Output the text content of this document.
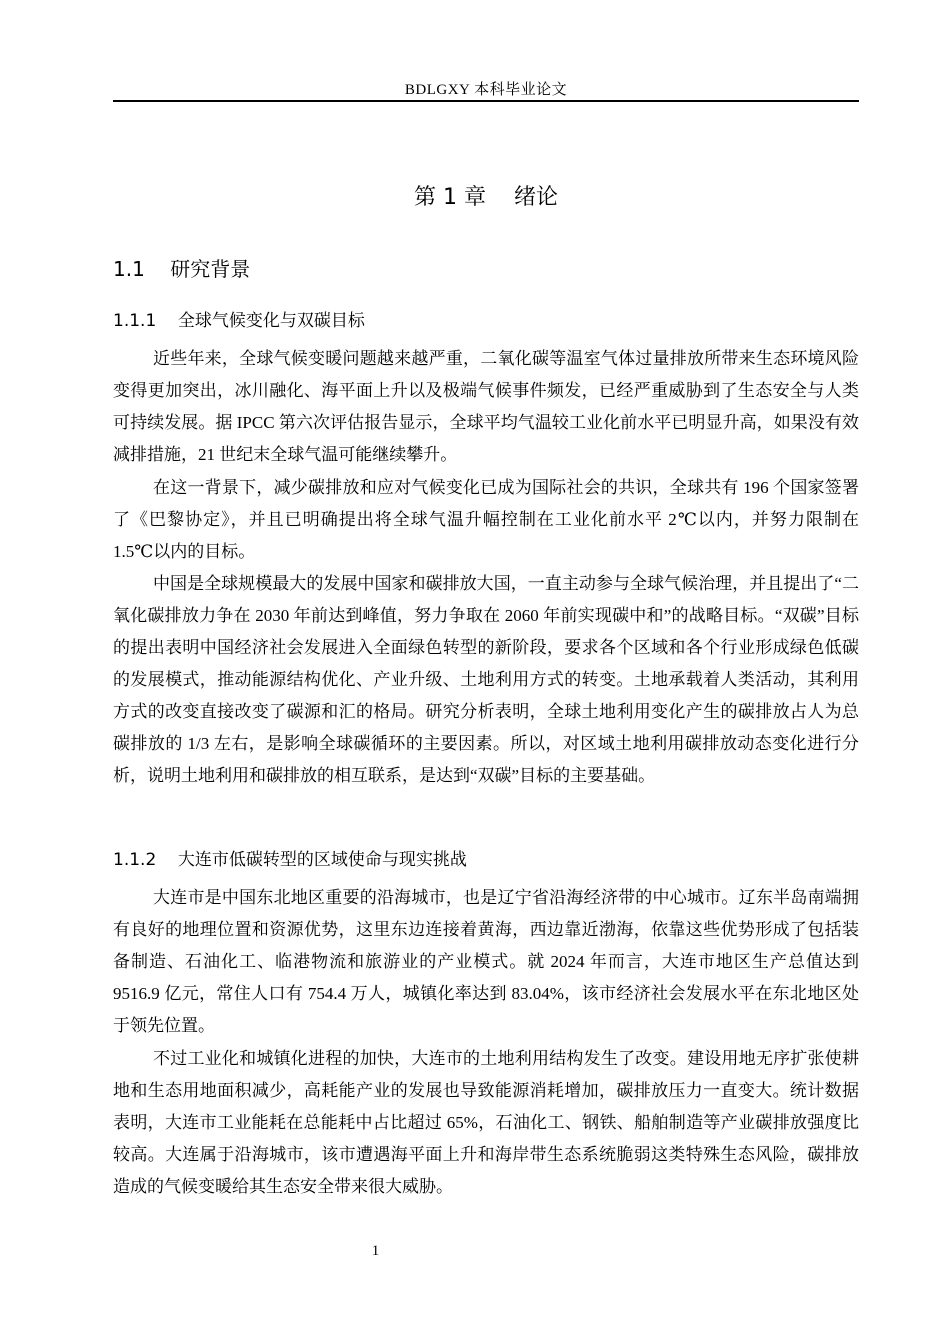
BDLGXY 本科毕业论文
第 1 章    绪论
1.1    研究背景
1.1.1    全球气候变化与双碳目标

近些年来，全球气候变暖问题越来越严重，二氧化碳等温室气体过量排放所带来生态环境风险变得更加突出，冰川融化、海平面上升以及极端气候事件频发，已经严重威胁到了生态安全与人类可持续发展。据 IPCC 第六次评估报告显示，全球平均气温较工业化前水平已明显升高，如果没有效减排措施，21 世纪末全球气温可能继续攀升。

在这一背景下，减少碳排放和应对气候变化已成为国际社会的共识，全球共有 196 个国家签署了《巴黎协定》，并且已明确提出将全球气温升幅控制在工业化前水平 2℃以内，并努力限制在 1.5℃以内的目标。

中国是全球规模最大的发展中国家和碳排放大国，一直主动参与全球气候治理，并且提出了“二氧化碳排放力争在 2030 年前达到峰值，努力争取在 2060 年前实现碳中和”的战略目标。“双碳”目标的提出表明中国经济社会发展进入全面绿色转型的新阶段，要求各个区域和各个行业形成绿色低碳的发展模式，推动能源结构优化、产业升级、土地利用方式的转变。土地承载着人类活动，其利用方式的改变直接改变了碳源和汇的格局。研究分析表明，全球土地利用变化产生的碳排放占人为总碳排放的 1/3 左右，是影响全球碳循环的主要因素。所以，对区域土地利用碳排放动态变化进行分析，说明土地利用和碳排放的相互联系，是达到“双碳”目标的主要基础。

1.1.2    大连市低碳转型的区域使命与现实挑战

大连市是中国东北地区重要的沿海城市，也是辽宁省沿海经济带的中心城市。辽东半岛南端拥有良好的地理位置和资源优势，这里东边连接着黄海，西边靠近渤海，依靠这些优势形成了包括装备制造、石油化工、临港物流和旅游业的产业模式。就 2024 年而言，大连市地区生产总值达到 9516.9 亿元，常住人口有 754.4 万人，城镇化率达到 83.04%，该市经济社会发展水平在东北地区处于领先位置。

不过工业化和城镇化进程的加快，大连市的土地利用结构发生了改变。建设用地无序扩张使耕地和生态用地面积减少，高耗能产业的发展也导致能源消耗增加，碳排放压力一直变大。统计数据表明，大连市工业能耗在总能耗中占比超过 65%，石油化工、钢铁、船舶制造等产业碳排放强度比较高。大连属于沿海城市，该市遭遇海平面上升和海岸带生态系统脆弱这类特殊生态风险，碳排放造成的气候变暖给其生态安全带来很大威胁。

1
